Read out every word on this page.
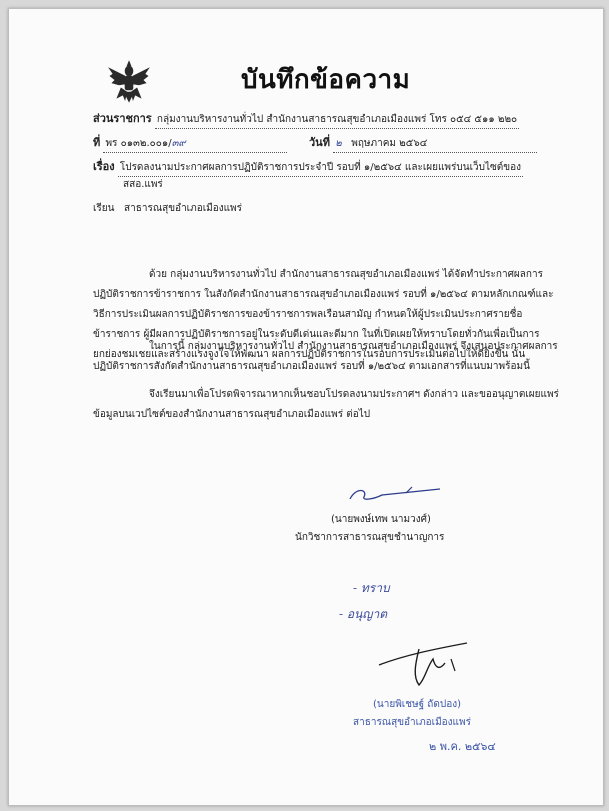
บันทึกข้อความ
ส่วนราชการ กลุ่มงานบริหารงานทั่วไป สำนักงานสาธารณสุขอำเภอเมืองแพร่ โทร ๐๕๔ ๕๑๑ ๒๒๐
ที่ พร ๐๑๓๒.๐๐๑/๓๙	วันที่ ๒ พฤษภาคม ๒๕๖๔
เรื่อง โปรดลงนามประกาศผลการปฏิบัติราชการประจำปี รอบที่ ๑/๒๕๖๔ และเผยแพร่บนเว็บไซต์ของ
สสอ.แพร่
เรียน สาธารณสุขอำเภอเมืองแพร่
ด้วย กลุ่มงานบริหารงานทั่วไป สำนักงานสาธารณสุขอำเภอเมืองแพร่ ได้จัดทำประกาศผลการปฏิบัติราชการข้าราชการ ในสังกัดสำนักงานสาธารณสุขอำเภอเมืองแพร่ รอบที่ ๑/๒๕๖๔ ตามหลักเกณฑ์และวิธีการประเมินผลการปฏิบัติราชการของข้าราชการพลเรือนสามัญ กำหนดให้ผู้ประเมินประกาศรายชื่อข้าราชการ ผู้มีผลการปฏิบัติราชการอยู่ในระดับดีเด่นและดีมาก ในที่เปิดเผยให้ทราบโดยทั่วกันเพื่อเป็นการยกย่องชมเชยและสร้างแรงจูงใจให้พัฒนา ผลการปฏิบัติราชการในรอบการประเมินต่อไปให้ดียิ่งขึ้น นั้น
ในการนี้ กลุ่มงานบริหารงานทั่วไป สำนักงานสาธารณสุขอำเภอเมืองแพร่ จึงเสนอประกาศผลการปฏิบัติราชการสังกัดสำนักงานสาธารณสุขอำเภอเมืองแพร่ รอบที่ ๑/๒๕๖๔ ตามเอกสารที่แนบมาพร้อมนี้
จึงเรียนมาเพื่อโปรดพิจารณาหากเห็นชอบโปรดลงนามประกาศฯ ดังกล่าว และขออนุญาตเผยแพร่ข้อมูลบนเวปไซต์ของสำนักงานสาธารณสุขอำเภอเมืองแพร่ ต่อไป
(นายพงษ์เทพ นามวงศ์)
นักวิชาการสาธารณสุขชำนาญการ
- ทราบ
- อนุญาต
(นายพิเชษฐ์ ถัดปอง)
สาธารณสุขอำเภอเมืองแพร่
๒ พ.ค. ๒๕๖๔
